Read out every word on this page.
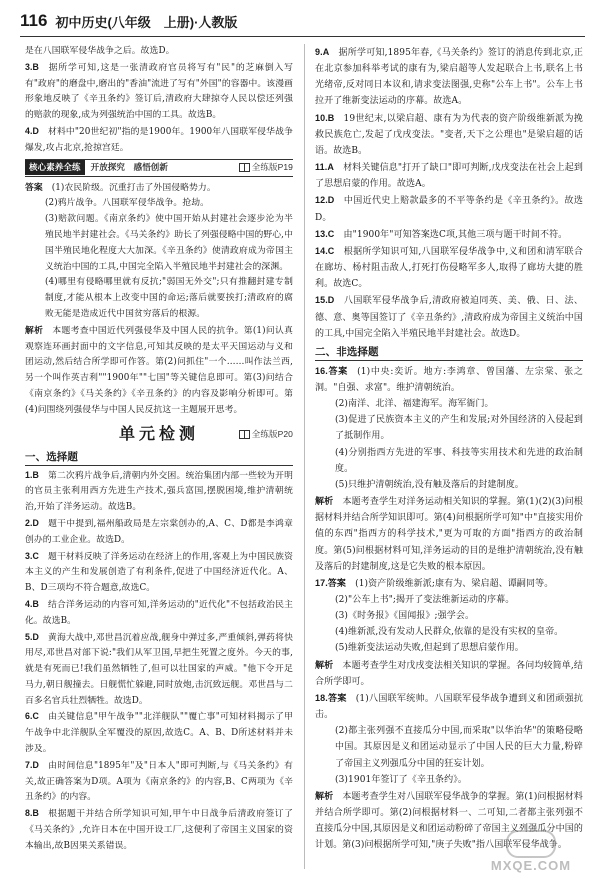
116 初中历史(八年级　上册)·人教版

是在八国联军侵华战争之后。故选D。

3.B  据所学可知,这是一张清政府官员将写有"民"的芝麻倒入写有"政府"的磨盘中,磨出的"香油"流进了写有"外国"的容器中。该漫画形象地反映了《辛丑条约》签订后,清政府大肆掠夺人民以偿还列强的赔款的现象,成为列强统治中国的工具。故选B。

4.D  材料中"20世纪初"指的是1900年。1900年八国联军侵华战争爆发,攻占北京,抢掠宫廷。

核心素养全练	开放探究　感悟创新	全练版P19

答案  (1)农民阶级。沉重打击了外国侵略势力。

(2)鸦片战争。八国联军侵华战争。抢劫。

(3)赔款问题。《南京条约》使中国开始从封建社会逐步沦为半殖民地半封建社会。《马关条约》助长了列强侵略中国的野心,中国半殖民地化程度大大加深。《辛丑条约》使清政府成为帝国主义统治中国的工具,中国完全陷入半殖民地半封建社会的深渊。

(4)哪里有侵略哪里就有反抗;"弱国无外交";只有推翻封建专制制度,才能从根本上改变中国的命运;落后就要挨打;清政府的腐败无能是造成近代中国贫穷落后的根源。

解析  本题考查中国近代列强侵华及中国人民的抗争。第(1)问认真观察连环画封面中的文字信息,可知其反映的是太平天国运动与义和团运动,然后结合所学即可作答。第(2)问抓住"一个……叫作法兰西,另一个叫作英吉利""1900年""七国"等关键信息即可。第(3)问结合《南京条约》《马关条约》《辛丑条约》的内容及影响分析即可。第(4)问围绕列强侵华与中国人民反抗这一主题展开思考。

单元检测	全练版P20
一、选择题

1.B  第二次鸦片战争后,清朝内外交困。统治集团内部一些较为开明的官员主张利用西方先进生产技术,强兵富国,摆脱困境,维护清朝统治,开始了洋务运动。故选B。

2.D  题干中提到,福州船政局是左宗棠创办的,A、C、D都是李鸿章创办的工业企业。故选D。

3.C  题干材料反映了洋务运动在经济上的作用,客观上为中国民族资本主义的产生和发展创造了有利条件,促进了中国经济近代化。A、B、D三项均不符合题意,故选C。

4.B  结合洋务运动的内容可知,洋务运动的"近代化"不包括政治民主化。故选B。

5.D  黄海大战中,邓世昌沉着应战,舰身中弹过多,严重倾斜,弹药将快用尽,邓世昌对部下说:"我们从军卫国,早把生死置之度外。今天的事,就是有死而已!我们虽然牺牲了,但可以壮国家的声威。"他下令开足马力,朝日舰撞去。日舰慌忙躲避,同时放炮,击沉致远舰。邓世昌与二百多名官兵壮烈牺牲。故选D。

6.C  由关键信息"甲午战争""北洋舰队""覆亡事"可知材料揭示了甲午战争中北洋舰队全军覆没的原因,故选C。A、B、D所述材料并未涉及。

7.D  由时间信息"1895年"及"日本人"即可判断,与《马关条约》有关,故正确答案为D项。A项为《南京条约》的内容,B、C两项为《辛丑条约》的内容。

8.B  根据题干并结合所学知识可知,甲午中日战争后清政府签订了《马关条约》,允许日本在中国开设工厂,这便利了帝国主义国家的资本输出,故B因果关系错误。

9.A  据所学可知,1895年春,《马关条约》签订的消息传到北京,正在北京参加科举考试的康有为,梁启超等人发起联合上书,联名上书光绪帝,反对同日本议和,请求变法图强,史称"公车上书"。公车上书拉开了维新变法运动的序幕。故选A。

10.B  19世纪末,以梁启超、康有为为代表的资产阶级维新派为挽救民族危亡,发起了戊戌变法。"变者,天下之公理也"是梁启超的话语。故选B。

11.A  材料关键信息"打开了缺口"即可判断,戊戌变法在社会上起到了思想启蒙的作用。故选A。

12.D  中国近代史上赔款最多的不平等条约是《辛丑条约》。故选D。

13.C  由"1900年"可知答案选C项,其他三项与题干时间不符。

14.C  根据所学知识可知,八国联军侵华战争中,义和团和清军联合在廊坊、杨村阻击敌人,打死打伤侵略军多人,取得了廊坊大捷的胜利。故选C。

15.D  八国联军侵华战争后,清政府被迫同英、美、俄、日、法、德、意、奥等国签订了《辛丑条约》,清政府成为帝国主义统治中国的工具,中国完全陷入半殖民地半封建社会。故选D。

二、非选择题

16.答案  (1)中央:奕䜣。地方:李鸿章、曾国藩、左宗棠、张之洞。"自强、求富"。维护清朝统治。

(2)南洋、北洋、福建海军。海军衙门。

(3)促进了民族资本主义的产生和发展;对外国经济的入侵起到了抵制作用。

(4)分别指西方先进的军事、科技等实用技术和先进的政治制度。

(5)只维护清朝统治,没有触及落后的封建制度。

解析  本题考查学生对洋务运动相关知识的掌握。第(1)(2)(3)问根据材料并结合所学知识即可。第(4)问根据所学可知"中"直接实用价值的东西"指西方的科学技术,"更为可取的方面"指西方的政治制度。第(5)问根据材料可知,洋务运动的目的是维护清朝统治,没有触及落后的封建制度,这是它失败的根本原因。

17.答案  (1)资产阶级维新派;康有为、梁启超、谭嗣同等。

(2)"公车上书";揭开了变法维新运动的序幕。

(3)《时务报》《国闻报》;强学会。

(4)维新派,没有发动人民群众,依靠的是没有实权的皇帝。

(5)维新变法运动失败,但起到了思想启蒙作用。

解析  本题考查学生对戊戌变法相关知识的掌握。各问均较简单,结合所学即可。

18.答案  (1)八国联军统帅。八国联军侵华战争遭到义和团顽强抗击。

(2)都主张列强不直接瓜分中国,而采取"以华治华"的策略侵略中国。其原因是义和团运动显示了中国人民的巨大力量,粉碎了帝国主义列强瓜分中国的狂妄计划。

(3)1901年签订了《辛丑条约》。

解析  本题考查学生对八国联军侵华战争的掌握。第(1)问根据材料并结合所学即可。第(2)问根据材料一、二可知,二者都主张列强不直接瓜分中国,其原因是义和团运动粉碎了帝国主义列强瓜分中国的计划。第(3)问根据所学可知,"庚子失败"指八国联军侵华战争。

MXQE.COM
